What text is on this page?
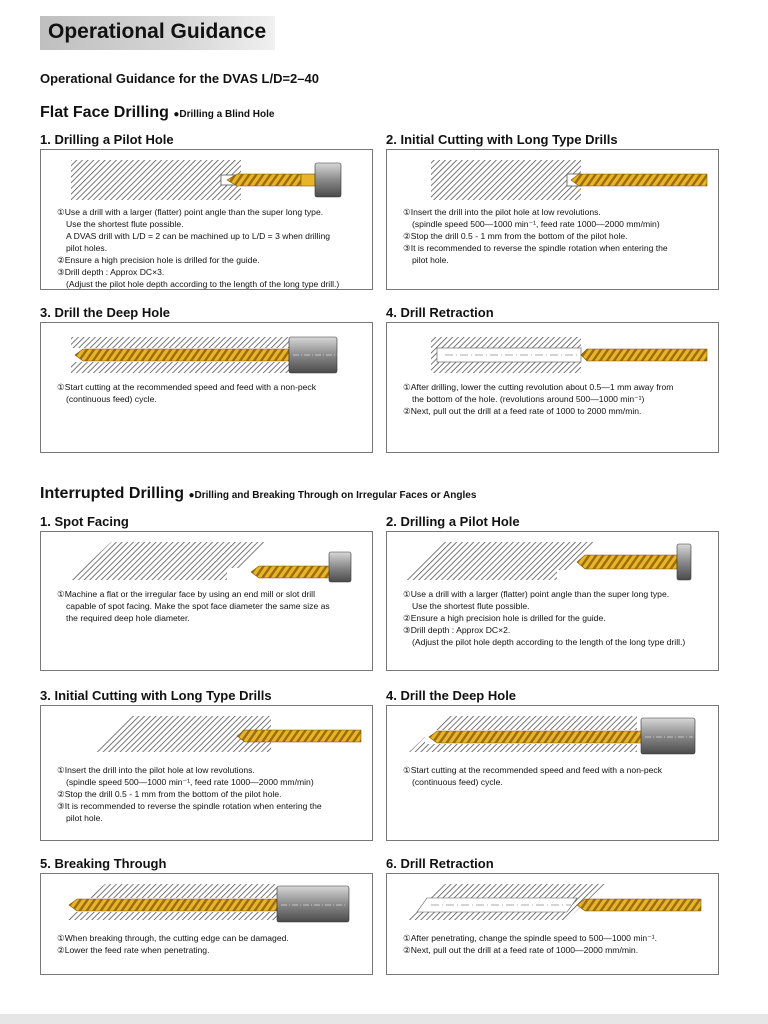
Operational Guidance
Operational Guidance for the DVAS L/D=2–40
Flat Face Drilling ●Drilling a Blind Hole
1. Drilling a Pilot Hole

①Use a drill with a larger (flatter) point angle than the super long type.

Use the shortest flute possible.

A DVAS drill with L/D = 2 can be machined up to L/D = 3 when drilling

pilot holes.

②Ensure a high precision hole is drilled for the guide.

③Drill depth : Approx DC×3.

(Adjust the pilot hole depth according to the length of the long type drill.)

2. Initial Cutting with Long Type Drills

①Insert the drill into the pilot hole at low revolutions.

(spindle speed 500—1000 min⁻¹, feed rate 1000—2000 mm/min)

②Stop the drill 0.5 - 1 mm from the bottom of the pilot hole.

③It is recommended to reverse the spindle rotation when entering the

pilot hole.

3. Drill the Deep Hole

①Start cutting at the recommended speed and feed with a non-peck

(continuous feed) cycle.

4. Drill Retraction

①After drilling, lower the cutting revolution about 0.5—1 mm away from

the bottom of the hole. (revolutions around 500—1000 min⁻¹)

②Next, pull out the drill at a feed rate of 1000 to 2000 mm/min.

Interrupted Drilling ●Drilling and Breaking Through on Irregular Faces or Angles
1. Spot Facing

①Machine a flat or the irregular face by using an end mill or slot drill

capable of spot facing. Make the spot face diameter the same size as

the required deep hole diameter.

2. Drilling a Pilot Hole

①Use a drill with a larger (flatter) point angle than the super long type.

Use the shortest flute possible.

②Ensure a high precision hole is drilled for the guide.

③Drill depth : Approx DC×2.

(Adjust the pilot hole depth according to the length of the long type drill.)

3. Initial Cutting with Long Type Drills

①Insert the drill into the pilot hole at low revolutions.

(spindle speed 500—1000 min⁻¹, feed rate 1000—2000 mm/min)

②Stop the drill 0.5 - 1 mm from the bottom of the pilot hole.

③It is recommended to reverse the spindle rotation when entering the

pilot hole.

4. Drill the Deep Hole

①Start cutting at the recommended speed and feed with a non-peck

(continuous feed) cycle.

5. Breaking Through

①When breaking through, the cutting edge can be damaged.

②Lower the feed rate when penetrating.

6. Drill Retraction

①After penetrating, change the spindle speed to 500—1000 min⁻¹.

②Next, pull out the drill at a feed rate of 1000—2000 mm/min.
